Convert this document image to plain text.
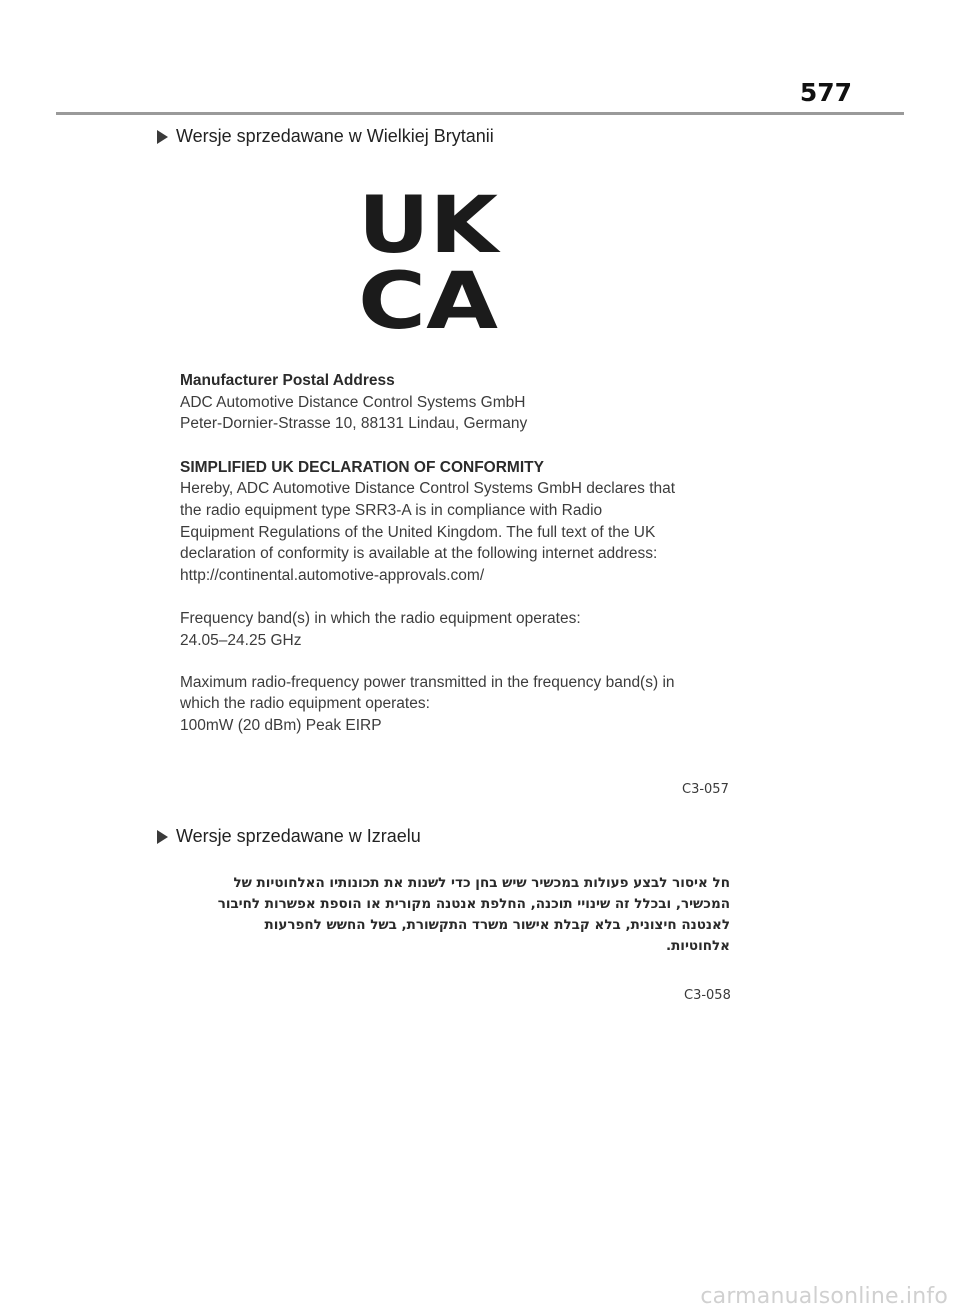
577
Wersje sprzedawane w Wielkiej Brytanii
UK
CA

Manufacturer Postal Address

ADC Automotive Distance Control Systems GmbH

Peter-Dornier-Strasse 10, 88131 Lindau, Germany

SIMPLIFIED UK DECLARATION OF CONFORMITY

Hereby, ADC Automotive Distance Control Systems GmbH declares that

the radio equipment type SRR3-A is in compliance with Radio

Equipment Regulations of the United Kingdom. The full text of the UK

declaration of conformity is available at the following internet address:

http://continental.automotive-approvals.com/

Frequency band(s) in which the radio equipment operates:

24.05–24.25 GHz

Maximum radio-frequency power transmitted in the frequency band(s) in

which the radio equipment operates:

100mW (20 dBm) Peak EIRP

C3-057
Wersje sprzedawane w Izraelu

חל איסור לבצע פעולות במכשיר שיש בחן כדי לשנות את תכונותיו האלחוטיות של

המכשיר, ובכלל זה שינויי תוכנה, החלפת אנטנה מקורית או הוספת אפשרות לחיבור

לאנטנה חיצונית, בלא קבלת אישור משרד התקשורת, בשל החשש לחפרעות

אלחוטיות.

C3-058
carmanualsonline.info
